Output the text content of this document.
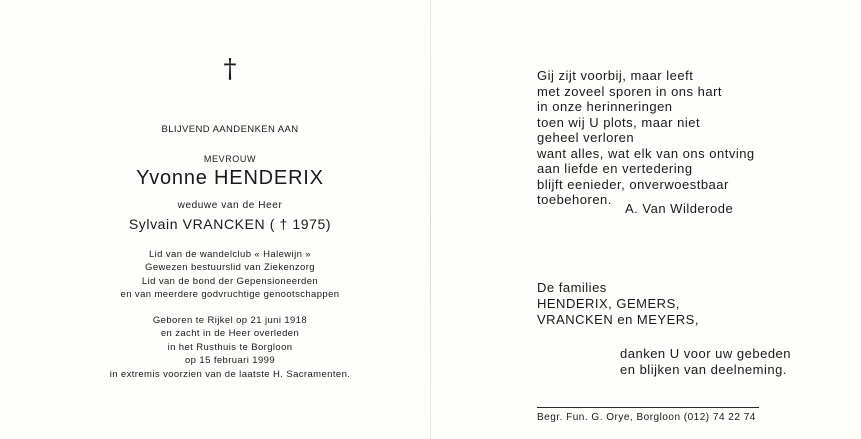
†
BLIJVEND AANDENKEN AAN
MEVROUW
Yvonne HENDERIX
weduwe van de Heer
Sylvain VRANCKEN ( † 1975)
Lid van de wandelclub « Halewijn »
Gewezen bestuurslid van Ziekenzorg
Lid van de bond der Gepensioneerden
en van meerdere godvruchtige genootschappen
Geboren te Rijkel op 21 juni 1918
en zacht in de Heer overleden
in het Rusthuis te Borgloon
op 15 februari 1999
in extremis voorzien van de laatste H. Sacramenten.
Gij zijt voorbij, maar leeft
met zoveel sporen in ons hart
in onze herinneringen
toen wij U plots, maar niet
geheel verloren
want alles, wat elk van ons ontving
aan liefde en vertedering
blijft eenieder, onverwoestbaar
toebehoren.
A. Van Wilderode
De families
HENDERIX, GEMERS,
VRANCKEN en MEYERS,
danken U voor uw gebeden
en blijken van deelneming.
Begr. Fun. G. Orye, Borgloon (012) 74 22 74
